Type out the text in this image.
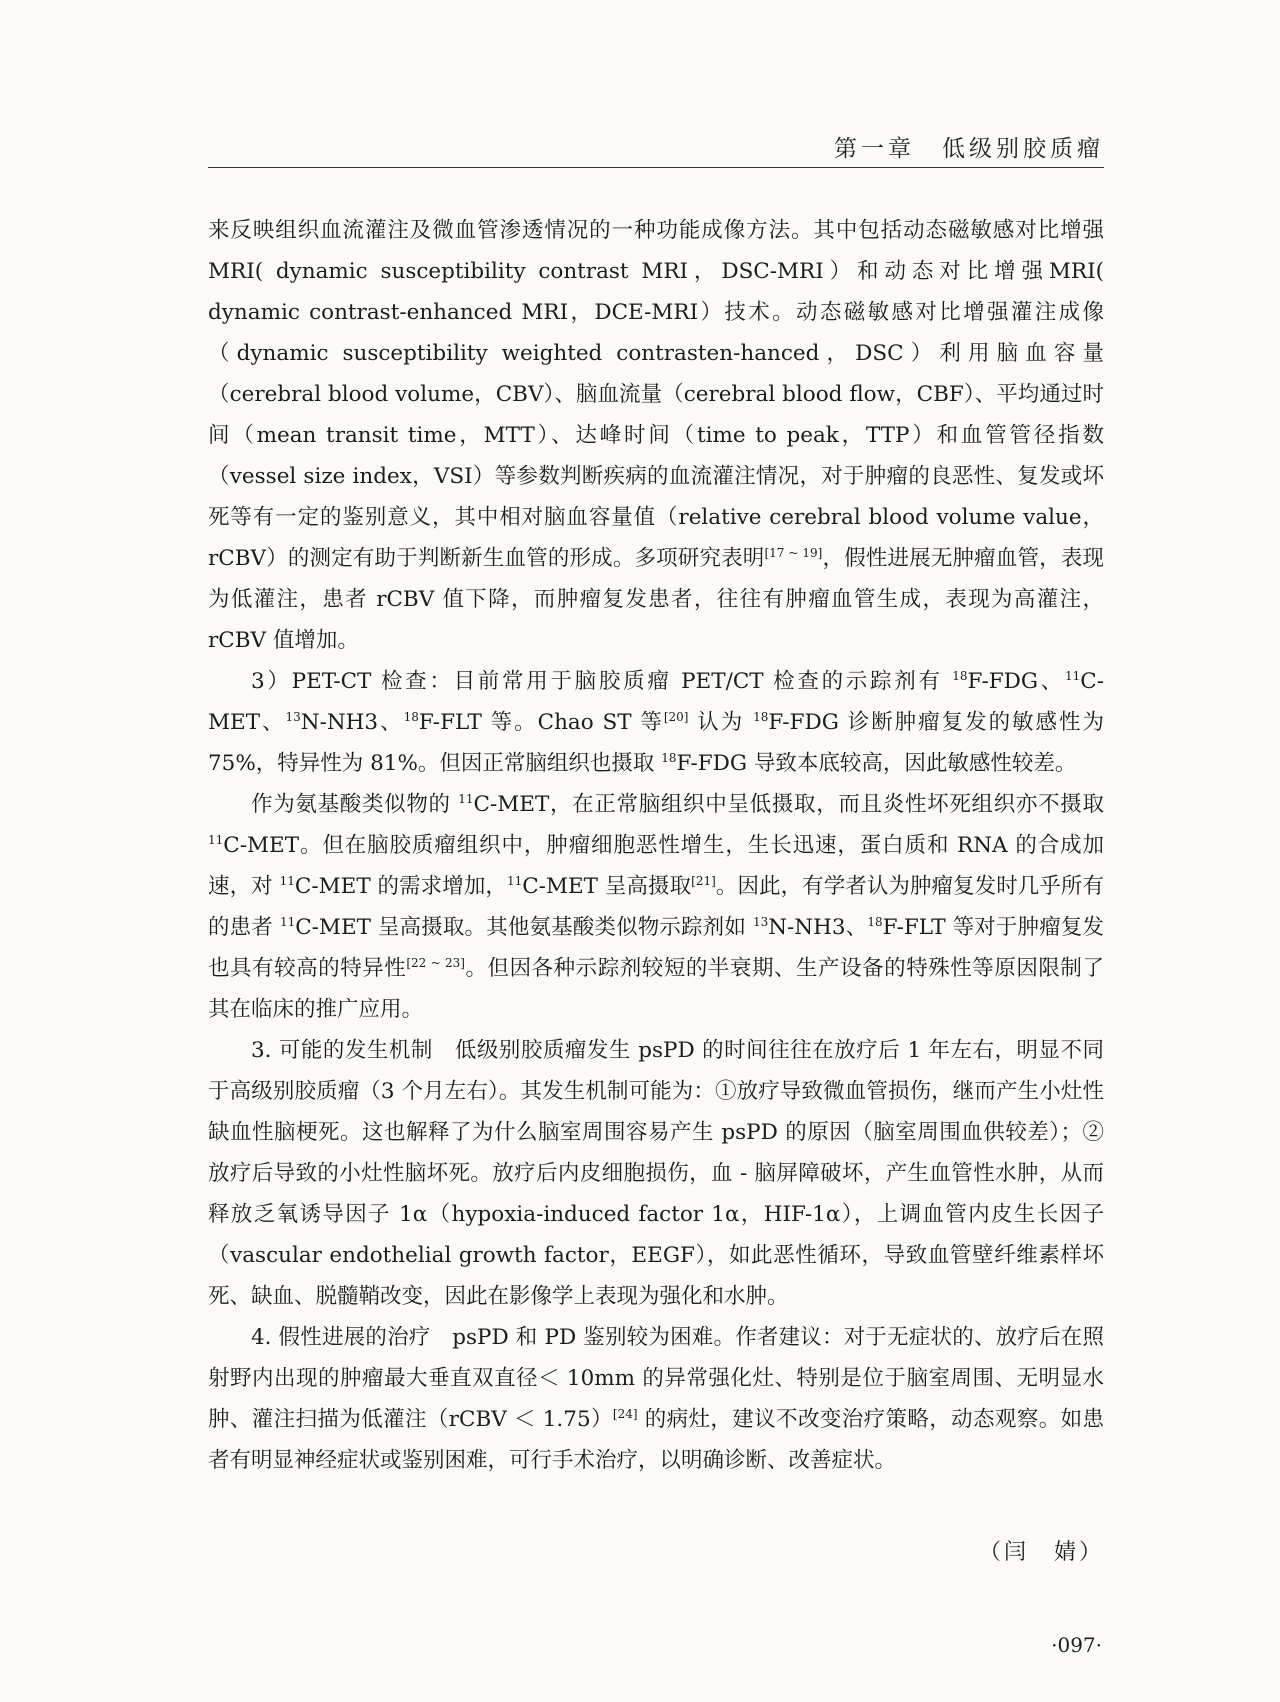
第一章　低级别胶质瘤

来反映组织血流灌注及微血管渗透情况的一种功能成像方法。其中包括动态磁敏感对比增强MRI( dynamic susceptibility contrast MRI，DSC-MRI）和动态对比增强MRI( dynamic contrast-enhanced MRI，DCE-MRI）技术。动态磁敏感对比增强灌注成像（dynamic susceptibility weighted contrasten-hanced，DSC）利用脑血容量（cerebral blood volume，CBV）、脑血流量（cerebral blood flow，CBF）、平均通过时间（mean transit time，MTT）、达峰时间（time to peak，TTP）和血管管径指数（vessel size index，VSI）等参数判断疾病的血流灌注情况，对于肿瘤的良恶性、复发或坏死等有一定的鉴别意义，其中相对脑血容量值（relative cerebral blood volume value，rCBV）的测定有助于判断新生血管的形成。多项研究表明[17 ~ 19]，假性进展无肿瘤血管，表现为低灌注，患者 rCBV 值下降，而肿瘤复发患者，往往有肿瘤血管生成，表现为高灌注，rCBV 值增加。

3）PET-CT 检查：目前常用于脑胶质瘤 PET/CT 检查的示踪剂有 $^{18}$F-FDG、$^{11}$C-MET、$^{13}$N-NH3、$^{18}$F-FLT 等。Chao ST 等[20] 认为 $^{18}$F-FDG 诊断肿瘤复发的敏感性为 75%，特异性为 81%。但因正常脑组织也摄取 $^{18}$F-FDG 导致本底较高，因此敏感性较差。

作为氨基酸类似物的 $^{11}$C-MET，在正常脑组织中呈低摄取，而且炎性坏死组织亦不摄取 $^{11}$C-MET。但在脑胶质瘤组织中，肿瘤细胞恶性增生，生长迅速，蛋白质和 RNA 的合成加速，对 $^{11}$C-MET 的需求增加，$^{11}$C-MET 呈高摄取[21]。因此，有学者认为肿瘤复发时几乎所有的患者 $^{11}$C-MET 呈高摄取。其他氨基酸类似物示踪剂如 $^{13}$N-NH3、$^{18}$F-FLT 等对于肿瘤复发也具有较高的特异性[22 ~ 23]。但因各种示踪剂较短的半衰期、生产设备的特殊性等原因限制了其在临床的推广应用。

3. 可能的发生机制　低级别胶质瘤发生 psPD 的时间往往在放疗后 1 年左右，明显不同于高级别胶质瘤（3 个月左右）。其发生机制可能为：①放疗导致微血管损伤，继而产生小灶性缺血性脑梗死。这也解释了为什么脑室周围容易产生 psPD 的原因（脑室周围血供较差）；②放疗后导致的小灶性脑坏死。放疗后内皮细胞损伤，血 - 脑屏障破坏，产生血管性水肿，从而释放乏氧诱导因子 1α（hypoxia-induced factor 1α，HIF-1α），上调血管内皮生长因子（vascular endothelial growth factor，EEGF），如此恶性循环，导致血管壁纤维素样坏死、缺血、脱髓鞘改变，因此在影像学上表现为强化和水肿。

4. 假性进展的治疗　psPD 和 PD 鉴别较为困难。作者建议：对于无症状的、放疗后在照射野内出现的肿瘤最大垂直双直径＜ 10mm 的异常强化灶、特别是位于脑室周围、无明显水肿、灌注扫描为低灌注（rCBV ＜ 1.75）[24] 的病灶，建议不改变治疗策略，动态观察。如患者有明显神经症状或鉴别困难，可行手术治疗，以明确诊断、改善症状。

（闫　婧）
·097·
